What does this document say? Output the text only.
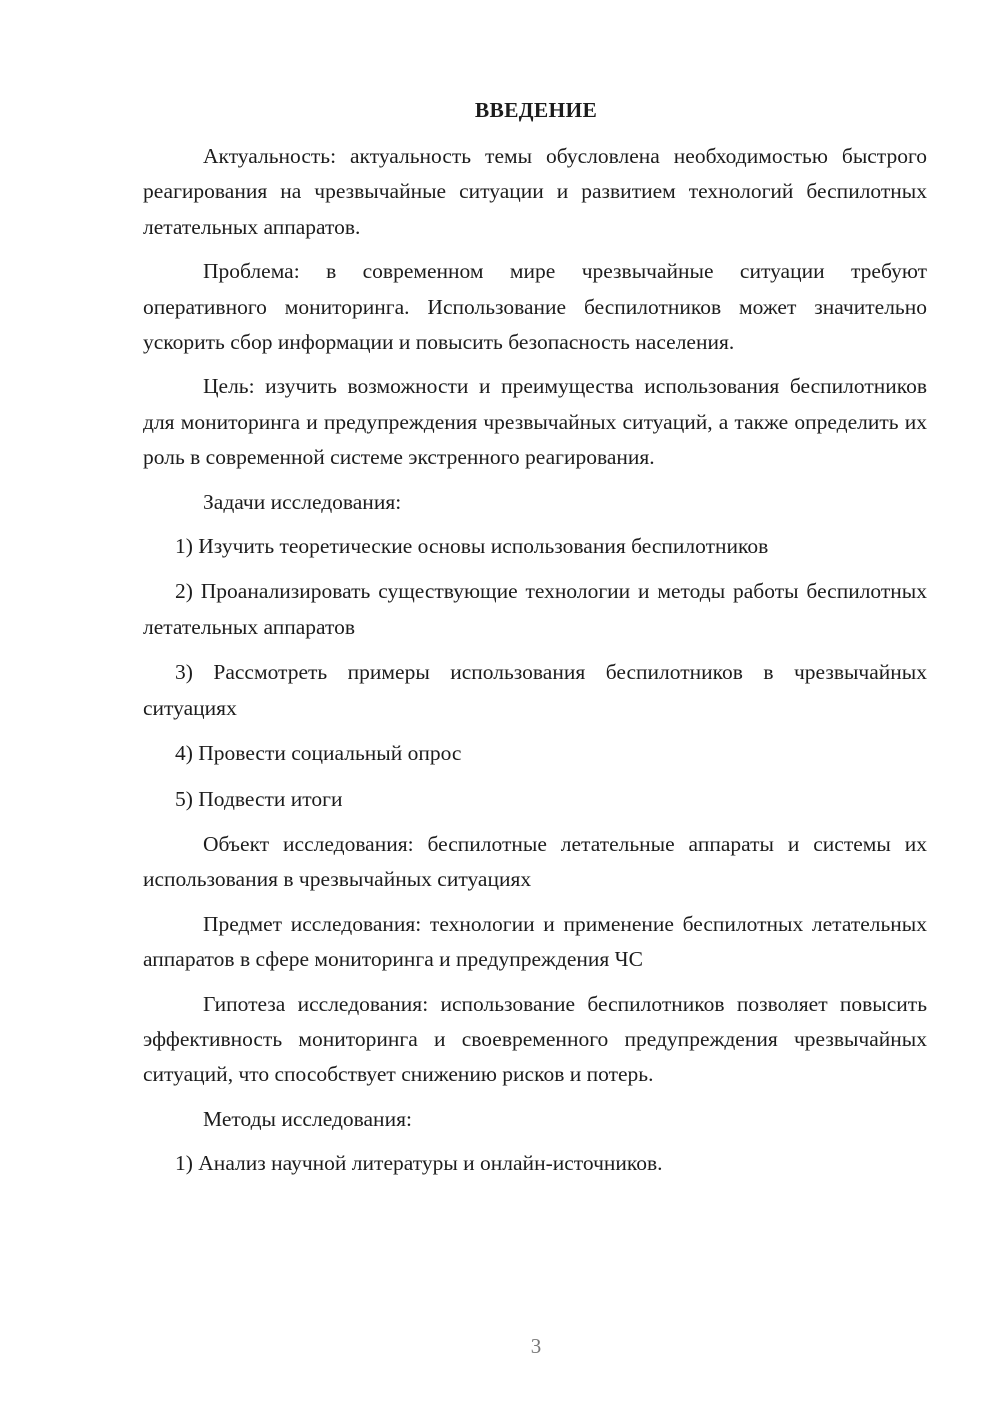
ВВЕДЕНИЕ

Актуальность: актуальность темы обусловлена необходимостью быстрого реагирования на чрезвычайные ситуации и развитием технологий беспилотных летательных аппаратов.

Проблема: в современном мире чрезвычайные ситуации требуют оперативного мониторинга. Использование беспилотников может значительно ускорить сбор информации и повысить безопасность населения.

Цель: изучить возможности и преимущества использования беспилотников для мониторинга и предупреждения чрезвычайных ситуаций, а также определить их роль в современной системе экстренного реагирования.

Задачи исследования:

1) Изучить теоретические основы использования беспилотников

2) Проанализировать существующие технологии и методы работы беспилотных летательных аппаратов

3) Рассмотреть примеры использования беспилотников в чрезвычайных ситуациях

4) Провести социальный опрос

5) Подвести итоги

Объект исследования: беспилотные летательные аппараты и системы их использования в чрезвычайных ситуациях

Предмет исследования: технологии и применение беспилотных летательных аппаратов в сфере мониторинга и предупреждения ЧС

Гипотеза исследования: использование беспилотников позволяет повысить эффективность мониторинга и своевременного предупреждения чрезвычайных ситуаций, что способствует снижению рисков и потерь.

Методы исследования:

1) Анализ научной литературы и онлайн-источников.

3
